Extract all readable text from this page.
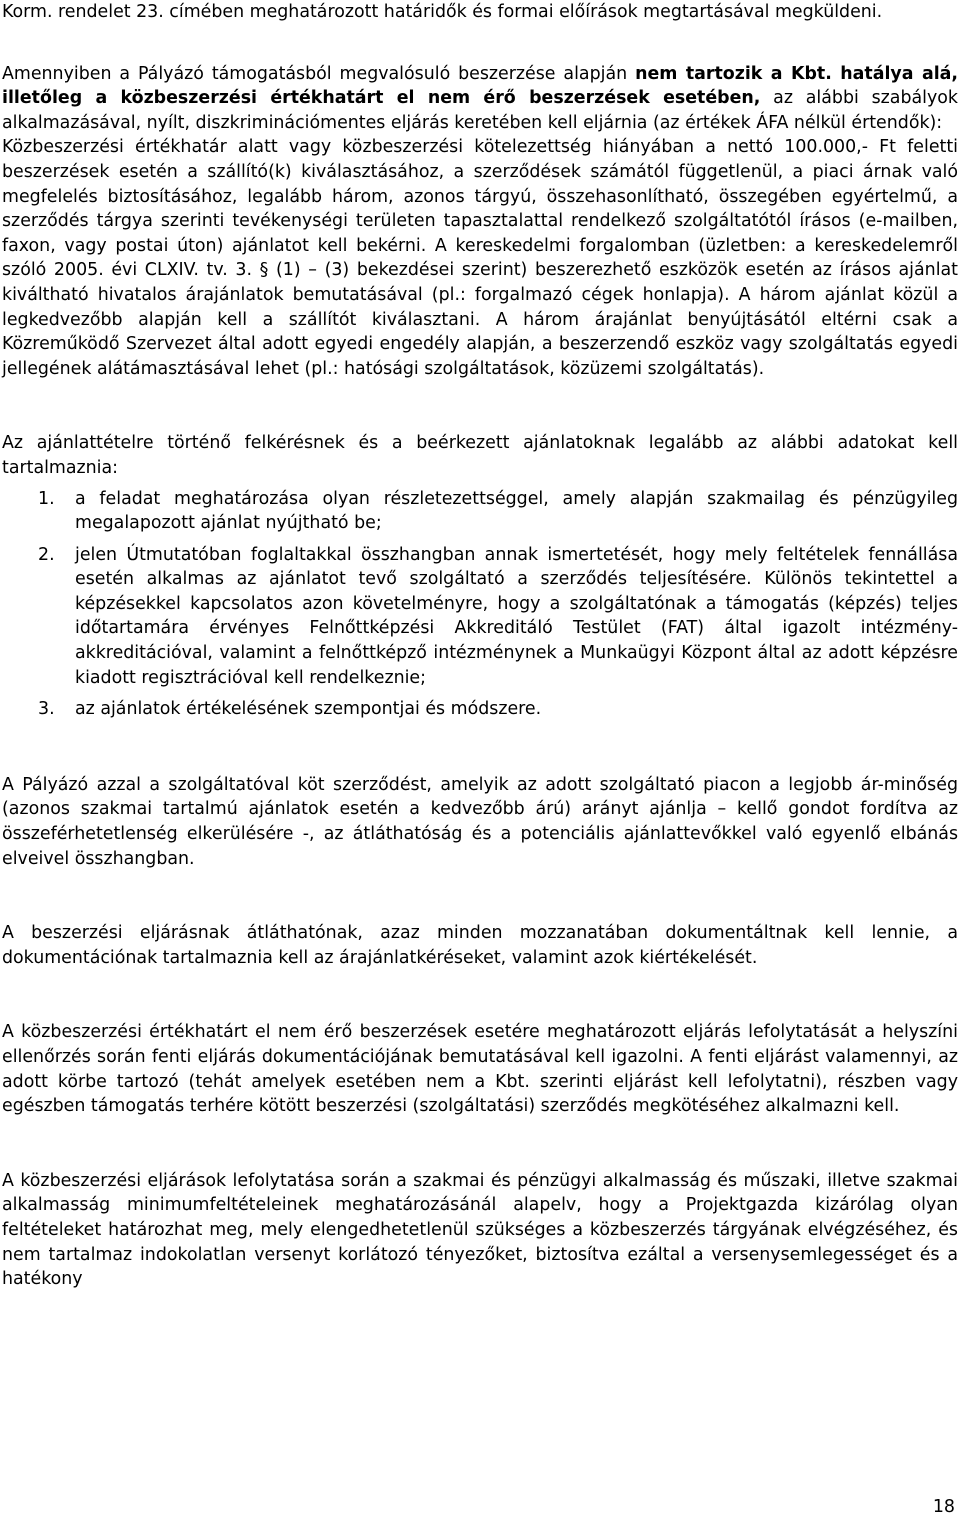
Korm. rendelet 23. címében meghatározott határidők és formai előírások megtartásával megküldeni.

Amennyiben a Pályázó támogatásból megvalósuló beszerzése alapján nem tartozik a Kbt. hatálya alá, illetőleg a közbeszerzési értékhatárt el nem érő beszerzések esetében, az alábbi szabályok alkalmazásával, nyílt, diszkriminációmentes eljárás keretében kell eljárnia (az értékek ÁFA nélkül értendők):

Közbeszerzési értékhatár alatt vagy közbeszerzési kötelezettség hiányában a nettó 100.000,- Ft feletti beszerzések esetén a szállító(k) kiválasztásához, a szerződések számától függetlenül, a piaci árnak való megfelelés biztosításához, legalább három, azonos tárgyú, összehasonlítható, összegében egyértelmű, a szerződés tárgya szerinti tevékenységi területen tapasztalattal rendelkező szolgáltatótól írásos (e-mailben, faxon, vagy postai úton) ajánlatot kell bekérni. A kereskedelmi forgalomban (üzletben: a kereskedelemről szóló 2005. évi CLXIV. tv. 3. § (1) – (3) bekezdései szerint) beszerezhető eszközök esetén az írásos ajánlat kiváltható hivatalos árajánlatok bemutatásával (pl.: forgalmazó cégek honlapja). A három ajánlat közül a legkedvezőbb alapján kell a szállítót kiválasztani. A három árajánlat benyújtásától eltérni csak a Közreműködő Szervezet által adott egyedi engedély alapján, a beszerzendő eszköz vagy szolgáltatás egyedi jellegének alátámasztásával lehet (pl.: hatósági szolgáltatások, közüzemi szolgáltatás).

Az ajánlattételre történő felkérésnek és a beérkezett ajánlatoknak legalább az alábbi adatokat kell tartalmaznia:

1. a feladat meghatározása olyan részletezettséggel, amely alapján szakmailag és pénzügyileg megalapozott ajánlat nyújtható be;
2. jelen Útmutatóban foglaltakkal összhangban annak ismertetését, hogy mely feltételek fennállása esetén alkalmas az ajánlatot tevő szolgáltató a szerződés teljesítésére. Különös tekintettel a képzésekkel kapcsolatos azon követelményre, hogy a szolgáltatónak a támogatás (képzés) teljes időtartamára érvényes Felnőttképzési Akkreditáló Testület (FAT) által igazolt intézmény-akkreditációval, valamint a felnőttképző intézménynek a Munkaügyi Központ által az adott képzésre kiadott regisztrációval kell rendelkeznie;
3. az ajánlatok értékelésének szempontjai és módszere.

A Pályázó azzal a szolgáltatóval köt szerződést, amelyik az adott szolgáltató piacon a legjobb ár-minőség (azonos szakmai tartalmú ajánlatok esetén a kedvezőbb árú) arányt ajánlja – kellő gondot fordítva az összeférhetetlenség elkerülésére -, az átláthatóság és a potenciális ajánlattevőkkel való egyenlő elbánás elveivel összhangban.

A beszerzési eljárásnak átláthatónak, azaz minden mozzanatában dokumentáltnak kell lennie, a dokumentációnak tartalmaznia kell az árajánlatkéréseket, valamint azok kiértékelését.

A közbeszerzési értékhatárt el nem érő beszerzések esetére meghatározott eljárás lefolytatását a helyszíni ellenőrzés során fenti eljárás dokumentációjának bemutatásával kell igazolni. A fenti eljárást valamennyi, az adott körbe tartozó (tehát amelyek esetében nem a Kbt. szerinti eljárást kell lefolytatni), részben vagy egészben támogatás terhére kötött beszerzési (szolgáltatási) szerződés megkötéséhez alkalmazni kell.

A közbeszerzési eljárások lefolytatása során a szakmai és pénzügyi alkalmasság és műszaki, illetve szakmai alkalmasság minimumfeltételeinek meghatározásánál alapelv, hogy a Projektgazda kizárólag olyan feltételeket határozhat meg, mely elengedhetetlenül szükséges a közbeszerzés tárgyának elvégzéséhez, és nem tartalmaz indokolatlan versenyt korlátozó tényezőket, biztosítva ezáltal a versenysemlegességet és a hatékony

18
